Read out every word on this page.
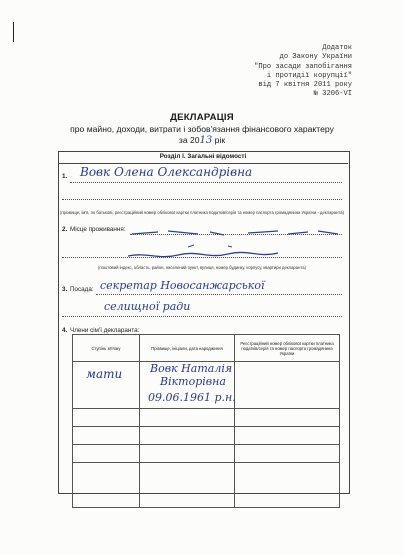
Додаток
до Закону України
"Про засади запобігання
і протидії корупції"
від 7 квітня 2011 року
№ 3206-VI
ДЕКЛАРАЦІЯ
про майно, доходи, витрати і зобов'язання фінансового характеру
за 2013 рік
Розділ І. Загальні відомості
1. Вовк Олена Олександрівна
(прізвище, ім'я, по батькові, реєстраційний номер облікової картки платника податків/серія та номер паспорта громадянина України - декларанта)
2. Місце проживання:
(поштовий індекс, область, район, населений пункт, вулиця, номер будинку, корпусу, квартири декларанта)
3. Посада: секретар Новосанжарської
селищної ради
4. Члени сім'ї декларанта:
Ступінь зв'язку	Прізвище, ініціали, дата народження	Реєстраційний номер облікової картки платника податків/серія та номер паспорта громадянина України

мати	Вовк Наталія
Вікторівна
09.06.1961 р.н.
